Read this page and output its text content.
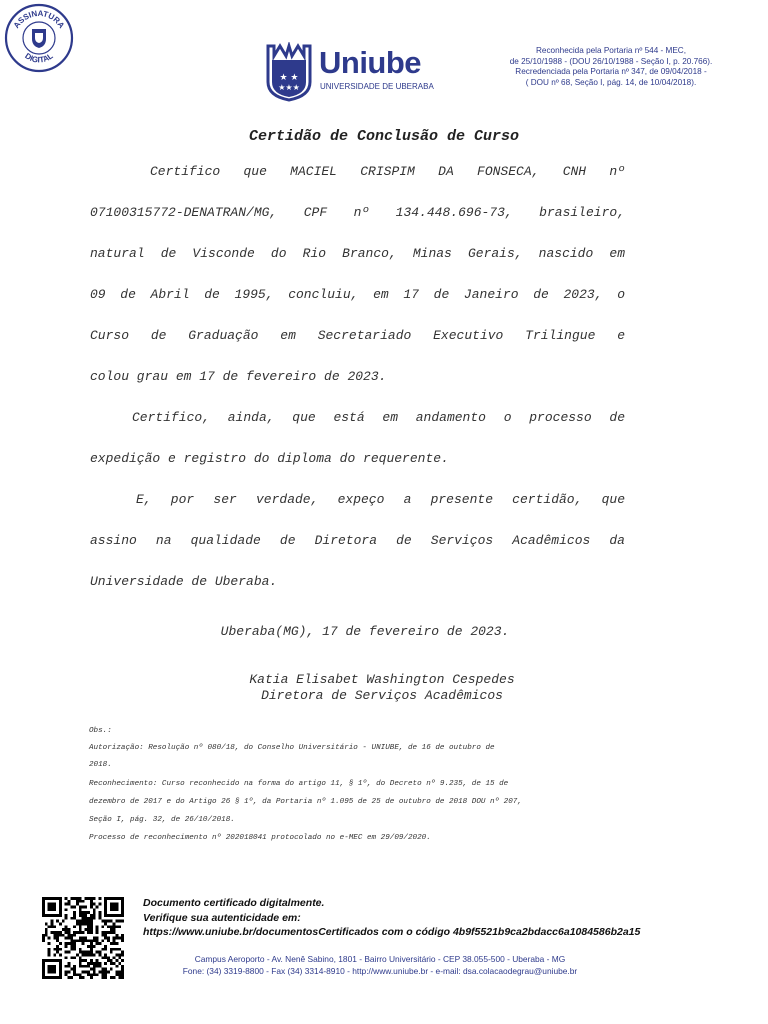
ASSINATURA
DIGITAL
★ ★
★★★
Uniube
UNIVERSIDADE DE UBERABA
Reconhecida pela Portaria nº 544 - MEC,
de 25/10/1988 - (DOU 26/10/1988 - Seção I, p. 20.766).
Recredenciada pela Portaria nº 347, de 09/04/2018 -
( DOU nº 68, Seção I, pág. 14, de 10/04/2018).
Certidão de Conclusão de Curso
Certifico que MACIEL CRISPIM DA FONSECA, CNH nº
07100315772-DENATRAN/MG, CPF nº 134.448.696-73, brasileiro,
natural de Visconde do Rio Branco, Minas Gerais, nascido em
09 de Abril de 1995, concluiu, em 17 de Janeiro de 2023, o
Curso de Graduação em Secretariado Executivo Trilingue e
colou grau em 17 de fevereiro de 2023.
Certifico, ainda, que está em andamento o processo de
expedição e registro do diploma do requerente.
E, por ser verdade, expeço a presente certidão, que
assino na qualidade de Diretora de Serviços Acadêmicos da
Universidade de Uberaba.
Uberaba(MG), 17 de fevereiro de 2023.
Katia Elisabet Washington Cespedes
Diretora de Serviços Acadêmicos
Obs.:
Autorização: Resolução nº 080/18, do Conselho Universitário - UNIUBE, de 16 de outubro de
2018.
Reconhecimento: Curso reconhecido na forma do artigo 11, § 1º, do Decreto nº 9.235, de 15 de
dezembro de 2017 e do Artigo 26 § 1º, da Portaria nº 1.095 de 25 de outubro de 2018 DOU nº 207,
Seção I, pág. 32, de 26/10/2018.
Processo de reconhecimento nº 202018041 protocolado no e-MEC em 29/09/2020.
Documento certificado digitalmente.
Verifique sua autenticidade em:
https://www.uniube.br/documentosCertificados com o código 4b9f5521b9ca2bdacc6a1084586b2a15
Campus Aeroporto - Av. Nenê Sabino, 1801 - Bairro Universitário - CEP 38.055-500 - Uberaba - MG
Fone: (34) 3319-8800 - Fax (34) 3314-8910 - http://www.uniube.br - e-mail: dsa.colacaodegrau@uniube.br
